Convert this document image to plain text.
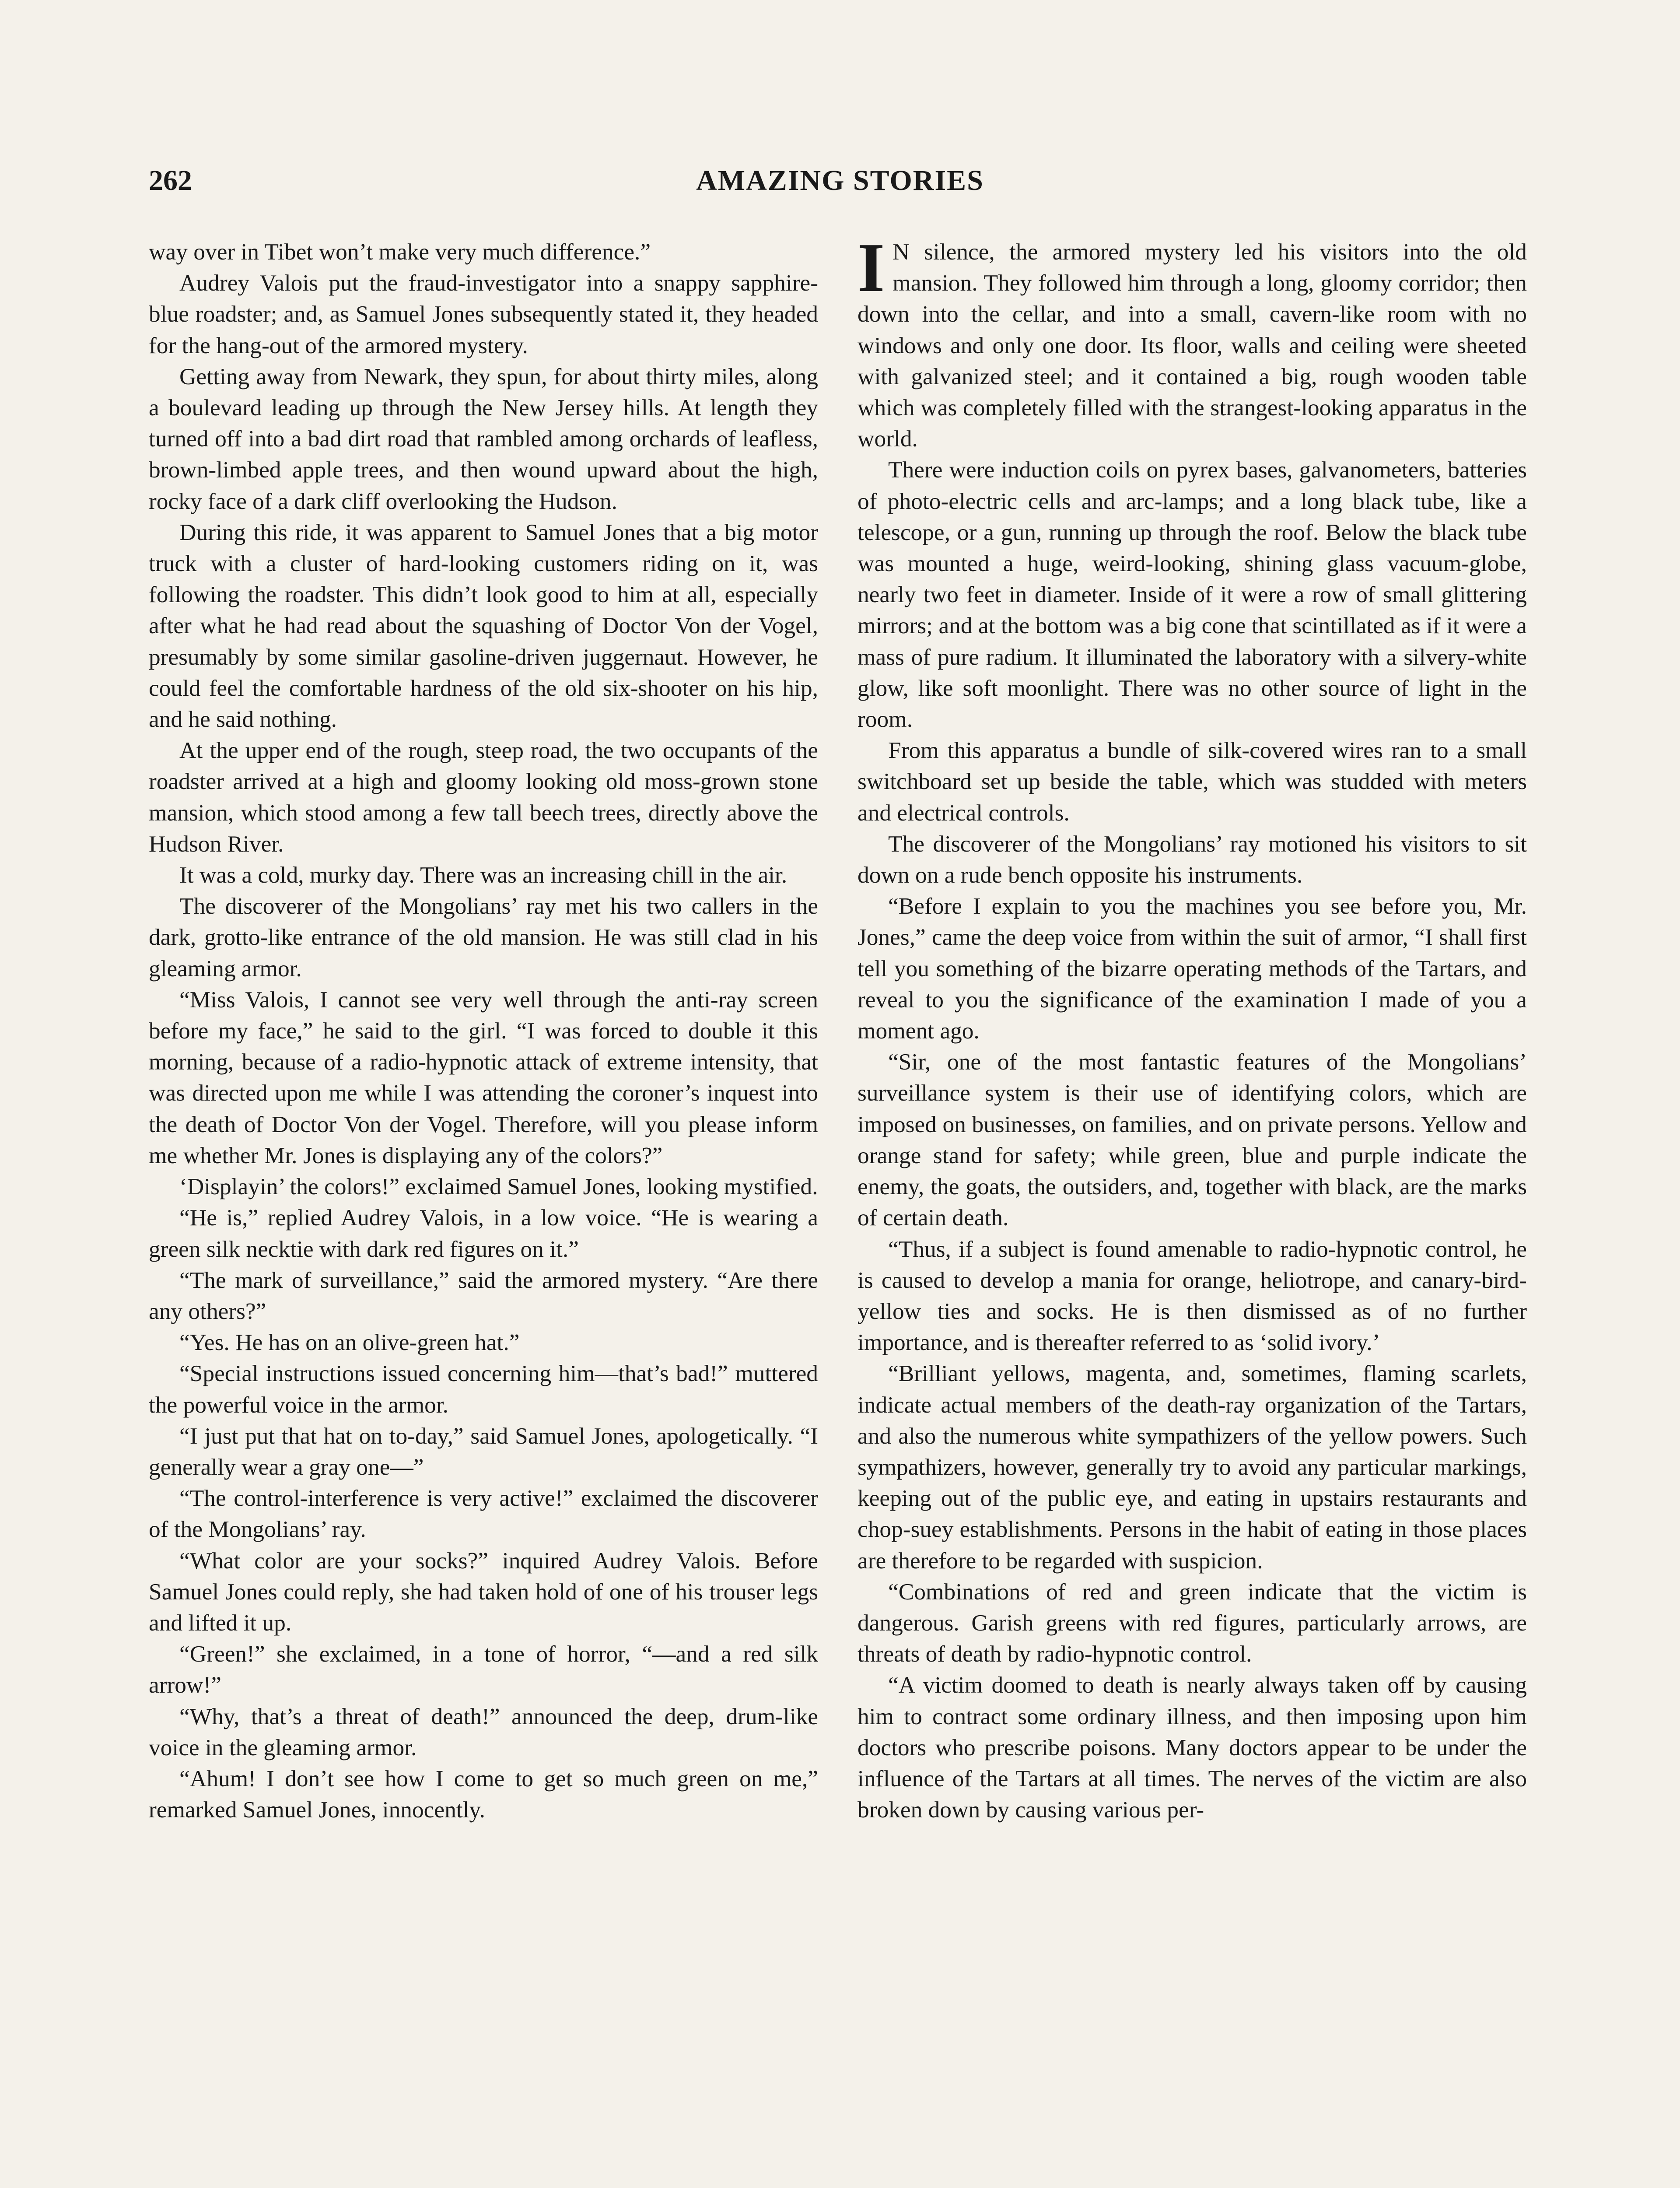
262	AMAZING STORIES

way over in Tibet won’t make very much difference.”

Audrey Valois put the fraud-investigator into a snappy sapphire-blue roadster; and, as Samuel Jones subsequently stated it, they headed for the hang-out of the armored mystery.

Getting away from Newark, they spun, for about thirty miles, along a boulevard leading up through the New Jersey hills. At length they turned off into a bad dirt road that rambled among orchards of leafless, brown-limbed apple trees, and then wound upward about the high, rocky face of a dark cliff overlooking the Hudson.

During this ride, it was apparent to Samuel Jones that a big motor truck with a cluster of hard-looking customers riding on it, was following the roadster. This didn’t look good to him at all, especially after what he had read about the squashing of Doctor Von der Vogel, presumably by some similar gasoline-driven juggernaut. However, he could feel the comfortable hardness of the old six-shooter on his hip, and he said nothing.

At the upper end of the rough, steep road, the two occupants of the roadster arrived at a high and gloomy looking old moss-grown stone mansion, which stood among a few tall beech trees, directly above the Hudson River.

It was a cold, murky day. There was an increasing chill in the air.

The discoverer of the Mongolians’ ray met his two callers in the dark, grotto-like entrance of the old mansion. He was still clad in his gleaming armor.

“Miss Valois, I cannot see very well through the anti-ray screen before my face,” he said to the girl. “I was forced to double it this morning, because of a radio-hypnotic attack of extreme intensity, that was directed upon me while I was attending the coroner’s inquest into the death of Doctor Von der Vogel. Therefore, will you please inform me whether Mr. Jones is displaying any of the colors?”

‘Displayin’ the colors!” exclaimed Samuel Jones, looking mystified.

“He is,” replied Audrey Valois, in a low voice. “He is wearing a green silk necktie with dark red figures on it.”

“The mark of surveillance,” said the armored mystery. “Are there any others?”

“Yes. He has on an olive-green hat.”

“Special instructions issued concerning him—that’s bad!” muttered the powerful voice in the armor.

“I just put that hat on to-day,” said Samuel Jones, apologetically. “I generally wear a gray one—”

“The control-interference is very active!” exclaimed the discoverer of the Mongolians’ ray.

“What color are your socks?” inquired Audrey Valois. Before Samuel Jones could reply, she had taken hold of one of his trouser legs and lifted it up.

“Green!” she exclaimed, in a tone of horror, “—and a red silk arrow!”

“Why, that’s a threat of death!” announced the deep, drum-like voice in the gleaming armor.

“Ahum! I don’t see how I come to get so much green on me,” remarked Samuel Jones, innocently.

I N silence, the armored mystery led his visitors into the old mansion. They followed him through a long, gloomy corridor; then down into the cellar, and into a small, cavern-like room with no windows and only one door. Its floor, walls and ceiling were sheeted with galvanized steel; and it contained a big, rough wooden table which was completely filled with the strangest-looking apparatus in the world.

There were induction coils on pyrex bases, galvanometers, batteries of photo-electric cells and arc-lamps; and a long black tube, like a telescope, or a gun, running up through the roof. Below the black tube was mounted a huge, weird-looking, shining glass vacuum-globe, nearly two feet in diameter. Inside of it were a row of small glittering mirrors; and at the bottom was a big cone that scintillated as if it were a mass of pure radium. It illuminated the laboratory with a silvery-white glow, like soft moonlight. There was no other source of light in the room.

From this apparatus a bundle of silk-covered wires ran to a small switchboard set up beside the table, which was studded with meters and electrical controls.

The discoverer of the Mongolians’ ray motioned his visitors to sit down on a rude bench opposite his instruments.

“Before I explain to you the machines you see before you, Mr. Jones,” came the deep voice from within the suit of armor, “I shall first tell you something of the bizarre operating methods of the Tartars, and reveal to you the significance of the examination I made of you a moment ago.

“Sir, one of the most fantastic features of the Mongolians’ surveillance system is their use of identifying colors, which are imposed on businesses, on families, and on private persons. Yellow and orange stand for safety; while green, blue and purple indicate the enemy, the goats, the outsiders, and, together with black, are the marks of certain death.

“Thus, if a subject is found amenable to radio-hypnotic control, he is caused to develop a mania for orange, heliotrope, and canary-bird-yellow ties and socks. He is then dismissed as of no further importance, and is thereafter referred to as ‘solid ivory.’

“Brilliant yellows, magenta, and, sometimes, flaming scarlets, indicate actual members of the death-ray organization of the Tartars, and also the numerous white sympathizers of the yellow powers. Such sympathizers, however, generally try to avoid any particular markings, keeping out of the public eye, and eating in upstairs restaurants and chop-suey establishments. Persons in the habit of eating in those places are therefore to be regarded with suspicion.

“Combinations of red and green indicate that the victim is dangerous. Garish greens with red figures, particularly arrows, are threats of death by radio-hypnotic control.

“A victim doomed to death is nearly always taken off by causing him to contract some ordinary illness, and then imposing upon him doctors who prescribe poisons. Many doctors appear to be under the influence of the Tartars at all times. The nerves of the victim are also broken down by causing various per-
